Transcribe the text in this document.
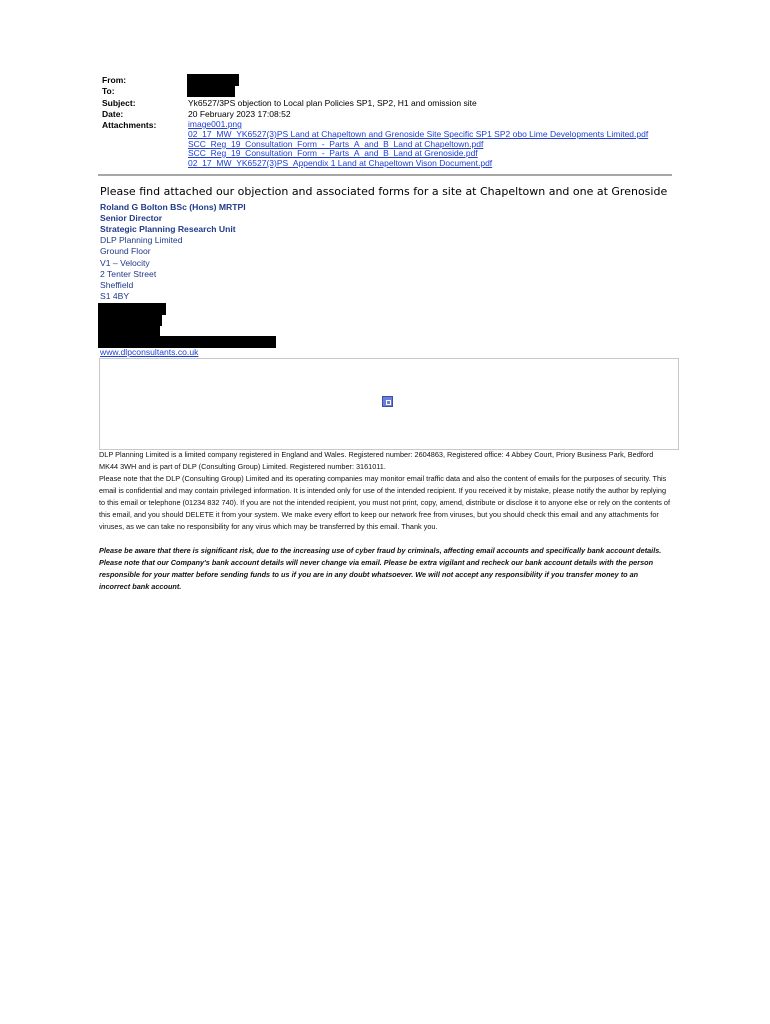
From:
To:
Subject:
Date:
Attachments:
Yk6527/3PS objection to Local plan Policies SP1, SP2, H1 and omission site
20 February 2023 17:08:52
image001.png
02_17_MW_YK6527(3)PS Land at Chapeltown and Grenoside Site Specific SP1 SP2 obo Lime Developments Limited.pdf
SCC_Reg_19_Consultation_Form_-_Parts_A_and_B_Land at Chapeltown.pdf
SCC_Reg_19_Consultation_Form_-_Parts_A_and_B_Land at Grenoside.pdf
02_17_MW_YK6527(3)PS_Appendix 1 Land at Chapeltown Vison Document.pdf
Please find attached our objection and associated forms for a site at Chapeltown and one at Grenoside
Roland G Bolton BSc (Hons) MRTPI
Senior Director
Strategic Planning Research Unit
DLP Planning Limited
Ground Floor
V1 – Velocity
2 Tenter Street
Sheffield
S1 4BY
www.dlpconsultants.co.uk
DLP Planning Limited is a limited company registered in England and Wales. Registered number: 2604863, Registered office: 4 Abbey Court, Priory Business Park, Bedford MK44 3WH and is part of DLP (Consulting Group) Limited. Registered number: 3161011.
Please note that the DLP (Consulting Group) Limited and its operating companies may monitor email traffic data and also the content of emails for the purposes of security. This email is confidential and may contain privileged information. It is intended only for use of the intended recipient. If you received it by mistake, please notify the author by replying to this email or telephone (01234 832 740). If you are not the intended recipient, you must not print, copy, amend, distribute or disclose it to anyone else or rely on the contents of this email, and you should DELETE it from your system. We make every effort to keep our network free from viruses, but you should check this email and any attachments for viruses, as we can take no responsibility for any virus which may be transferred by this email. Thank you.
Please be aware that there is significant risk, due to the increasing use of cyber fraud by criminals, affecting email accounts and specifically bank account details. Please note that our Company's bank account details will never change via email. Please be extra vigilant and recheck our bank account details with the person responsible for your matter before sending funds to us if you are in any doubt whatsoever. We will not accept any responsibility if you transfer money to an incorrect bank account.
